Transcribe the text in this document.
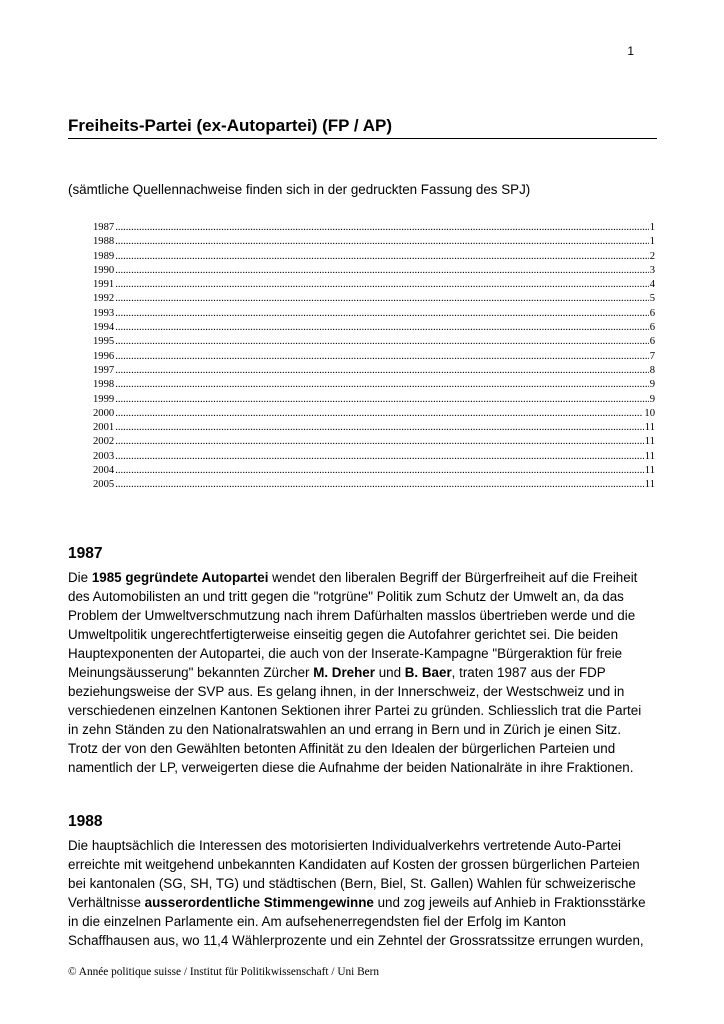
1
Freiheits-Partei (ex-Autopartei) (FP / AP)
(sämtliche Quellennachweise finden sich in der gedruckten Fassung des SPJ)
1987 .....	1
1988 .....	1
1989 .....	2
1990 .....	3
1991 .....	4
1992 .....	5
1993 .....	6
1994 .....	6
1995 .....	6
1996 .....	7
1997 .....	8
1998 .....	9
1999 .....	9
2000 .....	10
2001 .....	11
2002 .....	11
2003 .....	11
2004 .....	11
2005 .....	11
1987
Die 1985 gegründete Autopartei wendet den liberalen Begriff der Bürgerfreiheit auf die Freiheit
des Automobilisten an und tritt gegen die "rotgrüne" Politik zum Schutz der Umwelt an, da das
Problem der Umweltverschmutzung nach ihrem Dafürhalten masslos übertrieben werde und die
Umweltpolitik ungerechtfertigterweise einseitig gegen die Autofahrer gerichtet sei. Die beiden
Hauptexponenten der Autopartei, die auch von der Inserate-Kampagne "Bürgeraktion für freie
Meinungsäusserung" bekannten Zürcher M. Dreher und B. Baer, traten 1987 aus der FDP
beziehungsweise der SVP aus. Es gelang ihnen, in der Innerschweiz, der Westschweiz und in
verschiedenen einzelnen Kantonen Sektionen ihrer Partei zu gründen. Schliesslich trat die Partei
in zehn Ständen zu den Nationalratswahlen an und errang in Bern und in Zürich je einen Sitz.
Trotz der von den Gewählten betonten Affinität zu den Idealen der bürgerlichen Parteien und
namentlich der LP, verweigerten diese die Aufnahme der beiden Nationalräte in ihre Fraktionen.
1988
Die hauptsächlich die Interessen des motorisierten Individualverkehrs vertretende Auto-Partei
erreichte mit weitgehend unbekannten Kandidaten auf Kosten der grossen bürgerlichen Parteien
bei kantonalen (SG, SH, TG) und städtischen (Bern, Biel, St. Gallen) Wahlen für schweizerische
Verhältnisse ausserordentliche Stimmengewinne und zog jeweils auf Anhieb in Fraktionsstärke
in die einzelnen Parlamente ein. Am aufsehenerregendsten fiel der Erfolg im Kanton
Schaffhausen aus, wo 11,4 Wählerprozente und ein Zehntel der Grossratssitze errungen wurden,
© Année politique suisse / Institut für Politikwissenschaft / Uni Bern
